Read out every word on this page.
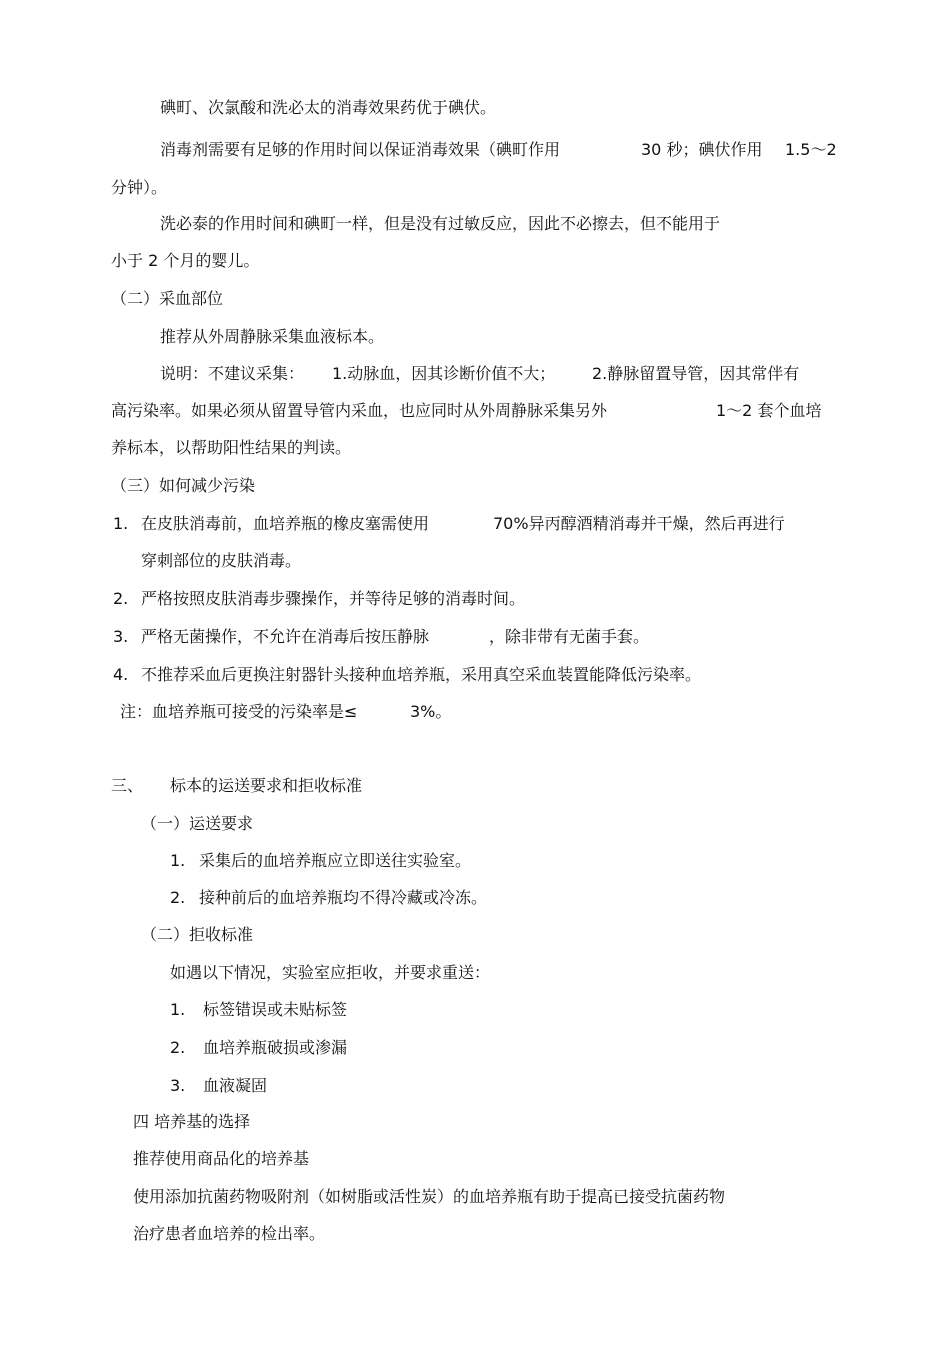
碘町、次氯酸和洗必太的消毒效果药优于碘伏。
消毒剂需要有足够的作用时间以保证消毒效果（碘町作用	30 秒；碘伏作用 1.5～2
分钟）。
洗必泰的作用时间和碘町一样，但是没有过敏反应，因此不必擦去，但不能用于
小于 2 个月的婴儿。
（二）采血部位
推荐从外周静脉采集血液标本。
说明：不建议采集： 1.动脉血，因其诊断价值不大； 2.静脉留置导管，因其常伴有
高污染率。如果必须从留置导管内采血，也应同时从外周静脉采集另外	1～2 套个血培
养标本，以帮助阳性结果的判读。
（三）如何减少污染
1. 在皮肤消毒前，血培养瓶的橡皮塞需使用	70%异丙醇酒精消毒并干燥，然后再进行
穿刺部位的皮肤消毒。
2. 严格按照皮肤消毒步骤操作，并等待足够的消毒时间。
3. 严格无菌操作，不允许在消毒后按压静脉	，除非带有无菌手套。
4. 不推荐采血后更换注射器针头接种血培养瓶，采用真空采血装置能降低污染率。
注：血培养瓶可接受的污染率是≤	3%。
三、 标本的运送要求和拒收标准
（一）运送要求
1. 采集后的血培养瓶应立即送往实验室。
2. 接种前后的血培养瓶均不得冷藏或冷冻。
（二）拒收标准
如遇以下情况，实验室应拒收，并要求重送：
1. 标签错误或未贴标签
2. 血培养瓶破损或渗漏
3. 血液凝固
四 培养基的选择
推荐使用商品化的培养基
使用添加抗菌药物吸附剂（如树脂或活性炭）的血培养瓶有助于提高已接受抗菌药物
治疗患者血培养的检出率。
